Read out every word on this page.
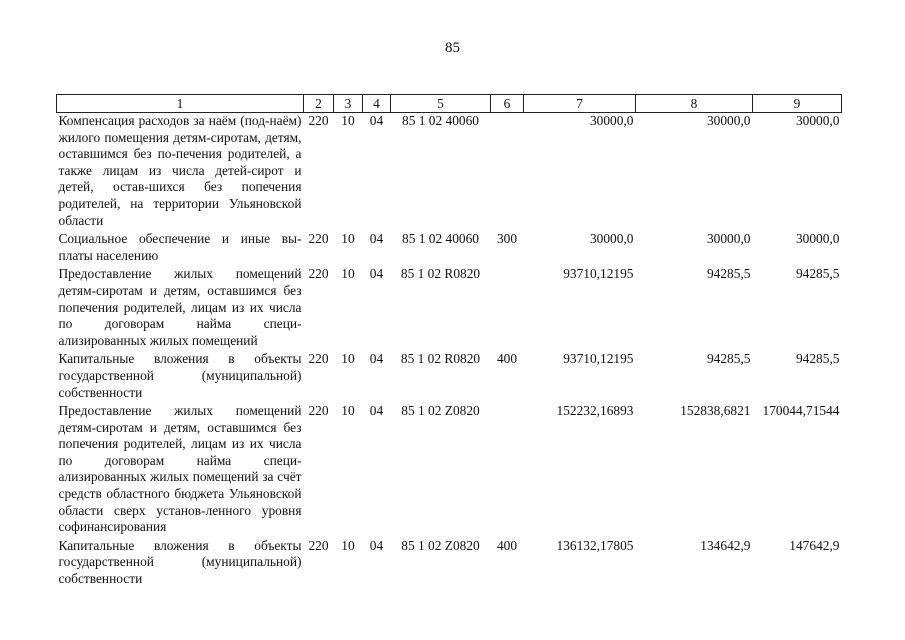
85
1	2	3	4	5	6	7	8	9
Компенсация расходов за наём (под-наём) жилого помещения детям-сиротам, детям, оставшимся без по-печения родителей, а также лицам из числа детей-сирот и детей, остав-шихся без попечения родителей, на территории Ульяновской области	220	10	04	85 1 02 40060		30000,0	30000,0	30000,0
Социальное обеспечение и иные вы-платы населению	220	10	04	85 1 02 40060	300	30000,0	30000,0	30000,0
Предоставление жилых помещений детям-сиротам и детям, оставшимся без попечения родителей, лицам из их числа по договорам найма специ-ализированных жилых помещений	220	10	04	85 1 02 R0820		93710,12195	94285,5	94285,5
Капитальные вложения в объекты государственной (муниципальной) собственности	220	10	04	85 1 02 R0820	400	93710,12195	94285,5	94285,5
Предоставление жилых помещений детям-сиротам и детям, оставшимся без попечения родителей, лицам из их числа по договорам найма специ-ализированных жилых помещений за счёт средств областного бюджета Ульяновской области сверх установ-ленного уровня софинансирования	220	10	04	85 1 02 Z0820		152232,16893	152838,6821	170044,71544
Капитальные вложения в объекты государственной (муниципальной) собственности	220	10	04	85 1 02 Z0820	400	136132,17805	134642,9	147642,9
